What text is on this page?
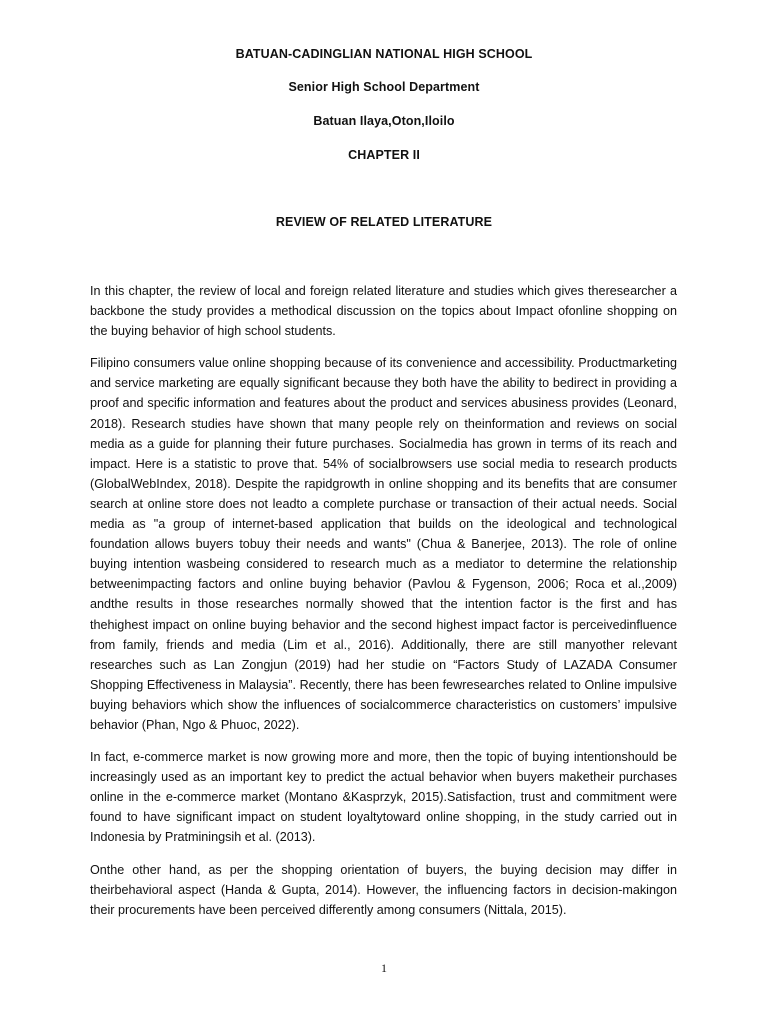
BATUAN-CADINGLIAN NATIONAL HIGH SCHOOL
Senior High School Department
Batuan Ilaya,Oton,Iloilo
CHAPTER II
REVIEW OF RELATED LITERATURE

In this chapter, the review of local and foreign related literature and studies which gives theresearcher a backbone the study provides a methodical discussion on the topics about Impact ofonline shopping on the buying behavior of high school students.

Filipino consumers value online shopping because of its convenience and accessibility. Productmarketing and service marketing are equally significant because they both have the ability to bedirect in providing a proof and specific information and features about the product and services abusiness provides (Leonard, 2018). Research studies have shown that many people rely on theinformation and reviews on social media as a guide for planning their future purchases. Socialmedia has grown in terms of its reach and impact. Here is a statistic to prove that. 54% of socialbrowsers use social media to research products (GlobalWebIndex, 2018). Despite the rapidgrowth in online shopping and its benefits that are consumer search at online store does not leadto a complete purchase or transaction of their actual needs. Social media as "a group of internet-based application that builds on the ideological and technological foundation allows buyers tobuy their needs and wants" (Chua & Banerjee, 2013). The role of online buying intention wasbeing considered to research much as a mediator to determine the relationship betweenimpacting factors and online buying behavior (Pavlou & Fygenson, 2006; Roca et al.,2009) andthe results in those researches normally showed that the intention factor is the first and has thehighest impact on online buying behavior and the second highest impact factor is perceivedinfluence from family, friends and media (Lim et al., 2016). Additionally, there are still manyother relevant researches such as Lan Zongjun (2019) had her studie on “Factors Study of LAZADA Consumer Shopping Effectiveness in Malaysia”. Recently, there has been fewresearches related to Online impulsive buying behaviors which show the influences of socialcommerce characteristics on customers’ impulsive behavior (Phan, Ngo & Phuoc, 2022).

In fact, e-commerce market is now growing more and more, then the topic of buying intentionshould be increasingly used as an important key to predict the actual behavior when buyers maketheir purchases online in the e-commerce market (Montano &Kasprzyk, 2015).Satisfaction, trust and commitment were found to have significant impact on student loyaltytoward online shopping, in the study carried out in Indonesia by Pratminingsih et al. (2013).

Onthe other hand, as per the shopping orientation of buyers, the buying decision may differ in theirbehavioral aspect (Handa & Gupta, 2014). However, the influencing factors in decision-makingon their procurements have been perceived differently among consumers (Nittala, 2015).

1
